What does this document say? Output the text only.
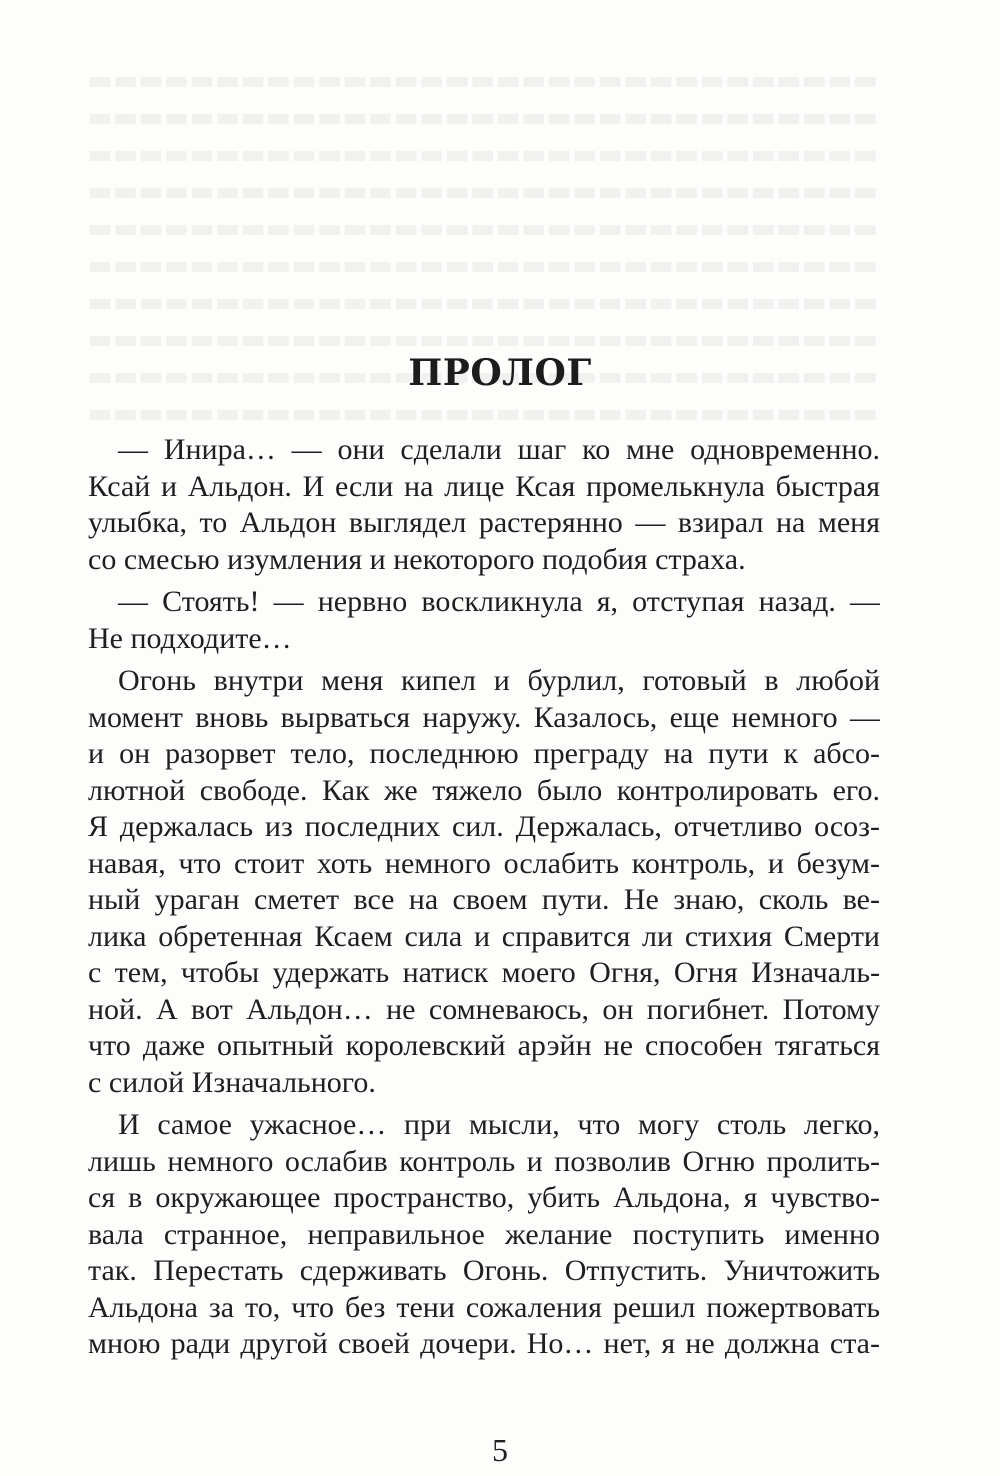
ПРОЛОГ
— Инира… — они сделали шаг ко мне одновременно.
Ксай и Альдон. И если на лице Ксая промелькнула быстрая
улыбка, то Альдон выглядел растерянно — взирал на меня
со смесью изумления и некоторого подобия страха.
— Стоять! — нервно воскликнула я, отступая назад. —
Не подходите…
Огонь внутри меня кипел и бурлил, готовый в любой
момент вновь вырваться наружу. Казалось, еще немного —
и он разорвет тело, последнюю преграду на пути к абсо-
лютной свободе. Как же тяжело было контролировать его.
Я держалась из последних сил. Держалась, отчетливо осоз-
навая, что стоит хоть немного ослабить контроль, и безум-
ный ураган сметет все на своем пути. Не знаю, сколь ве-
лика обретенная Ксаем сила и справится ли стихия Смерти
с тем, чтобы удержать натиск моего Огня, Огня Изначаль-
ной. А вот Альдон… не сомневаюсь, он погибнет. Потому
что даже опытный королевский арэйн не способен тягаться
с силой Изначального.
И самое ужасное… при мысли, что могу столь легко,
лишь немного ослабив контроль и позволив Огню пролить-
ся в окружающее пространство, убить Альдона, я чувство-
вала странное, неправильное желание поступить именно
так. Перестать сдерживать Огонь. Отпустить. Уничтожить
Альдона за то, что без тени сожаления решил пожертвовать
мною ради другой своей дочери. Но… нет, я не должна ста-
5
